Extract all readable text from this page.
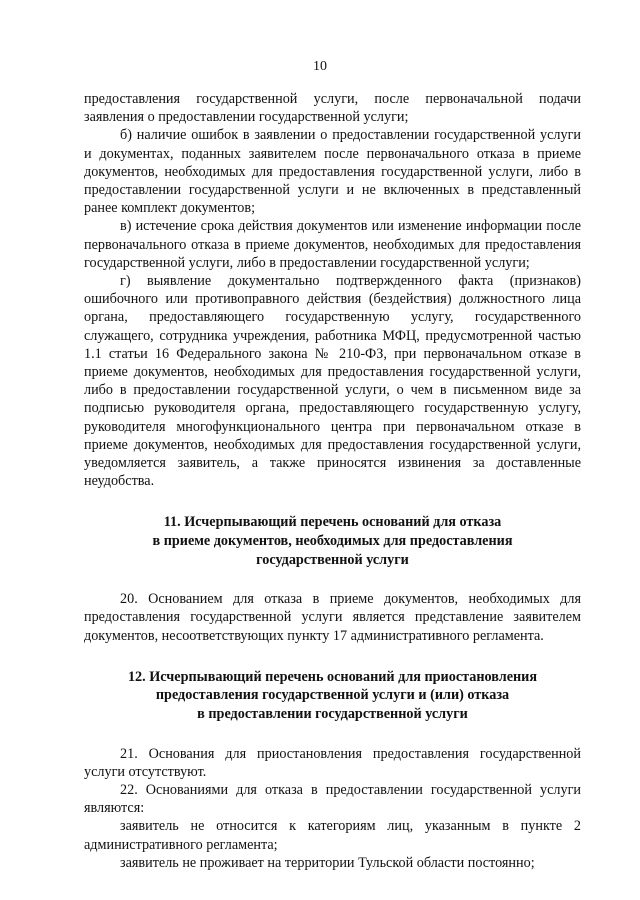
10

предоставления государственной услуги, после первоначальной подачи заявления о предоставлении государственной услуги;

б) наличие ошибок в заявлении о предоставлении государственной услуги и документах, поданных заявителем после первоначального отказа в приеме документов, необходимых для предоставления государственной услуги, либо в предоставлении государственной услуги и не включенных в представленный ранее комплект документов;

в) истечение срока действия документов или изменение информации после первоначального отказа в приеме документов, необходимых для предоставления государственной услуги, либо в предоставлении государственной услуги;

г) выявление документально подтвержденного факта (признаков) ошибочного или противоправного действия (бездействия) должностного лица органа, предоставляющего государственную услугу, государственного служащего, сотрудника учреждения, работника МФЦ, предусмотренной частью 1.1 статьи 16 Федерального закона № 210-ФЗ, при первоначальном отказе в приеме документов, необходимых для предоставления государственной услуги, либо в предоставлении государственной услуги, о чем в письменном виде за подписью руководителя органа, предоставляющего государственную услугу, руководителя многофункционального центра при первоначальном отказе в приеме документов, необходимых для предоставления государственной услуги, уведомляется заявитель, а также приносятся извинения за доставленные неудобства.

11. Исчерпывающий перечень оснований для отказа
в приеме документов, необходимых для предоставления
государственной услуги

20. Основанием для отказа в приеме документов, необходимых для предоставления государственной услуги является представление заявителем документов, несоответствующих пункту 17 административного регламента.

12. Исчерпывающий перечень оснований для приостановления
предоставления государственной услуги и (или) отказа
в предоставлении государственной услуги

21. Основания для приостановления предоставления государственной услуги отсутствуют.

22. Основаниями для отказа в предоставлении государственной услуги являются:

заявитель не относится к категориям лиц, указанным в пункте 2 административного регламента;

заявитель не проживает на территории Тульской области постоянно;
